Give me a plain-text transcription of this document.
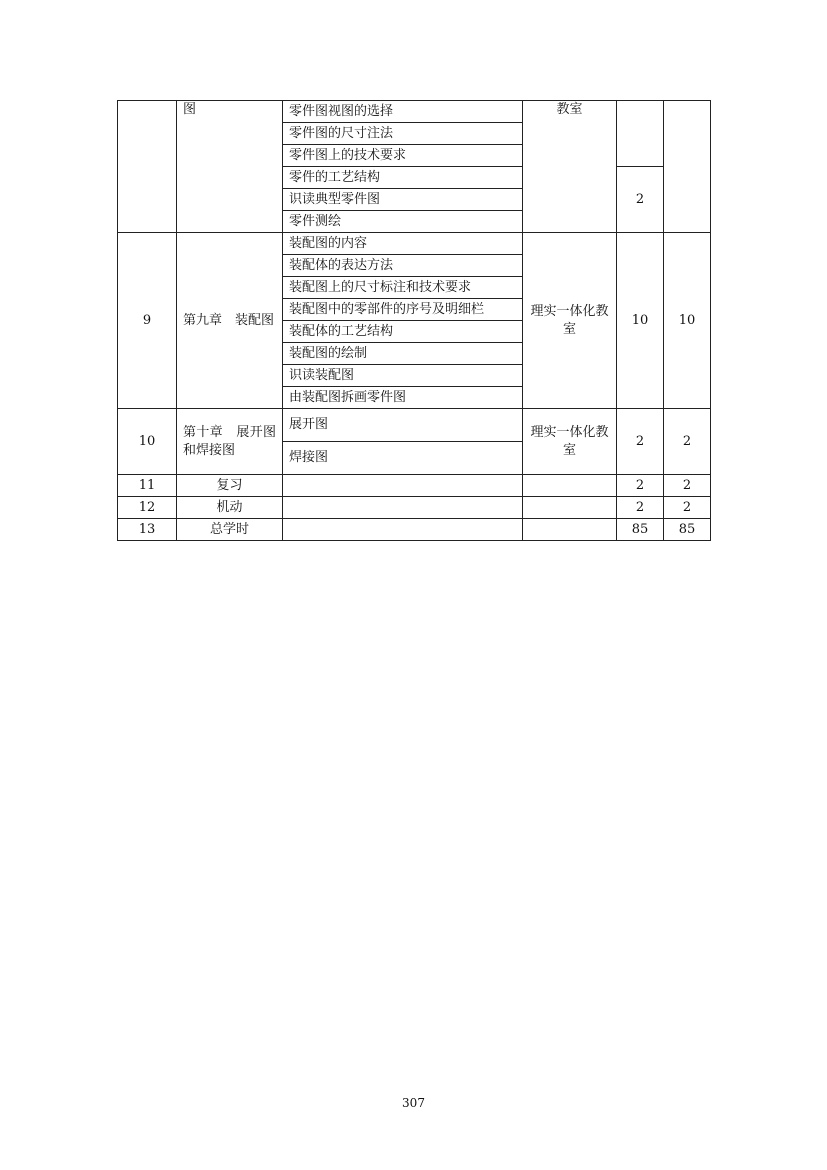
	图	零件图视图的选择	教室		
		零件图的尺寸注法			
		零件图上的技术要求			
		零件的工艺结构		2	
		识读典型零件图			
		零件测绘			
9	第九章　装配图	装配图的内容	理实一体化教室	10	10
		装配体的表达方法			
		装配图上的尺寸标注和技术要求			
		装配图中的零部件的序号及明细栏			
		装配体的工艺结构			
		装配图的绘制			
		识读装配图			
		由装配图拆画零件图			
10	第十章　展开图和焊接图	展开图	理实一体化教室	2	2
		焊接图			
11	复习			2	2
12	机动			2	2
13	总学时			85	85
307
